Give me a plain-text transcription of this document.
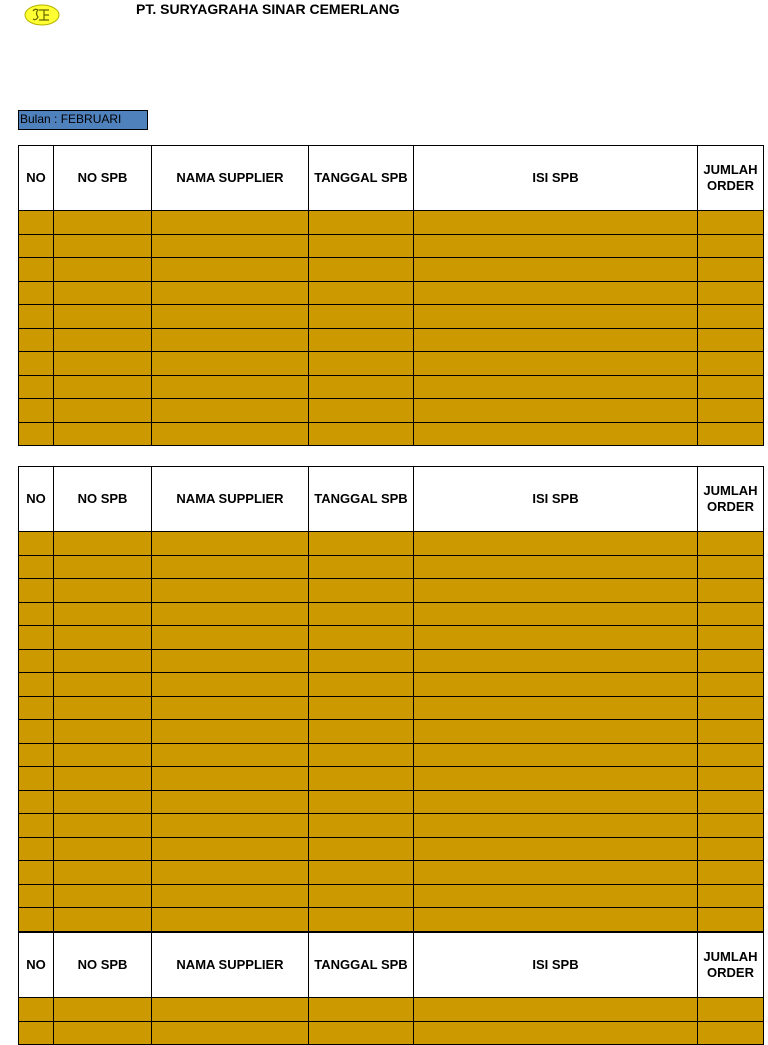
PT. SURYAGRAHA SINAR CEMERLANG
Bulan : FEBRUARI
NO	NO SPB	NAMA SUPPLIER	TANGGAL SPB	ISI SPB	JUMLAH ORDER

NO	NO SPB	NAMA SUPPLIER	TANGGAL SPB	ISI SPB	JUMLAH ORDER

NO	NO SPB	NAMA SUPPLIER	TANGGAL SPB	ISI SPB	JUMLAH ORDER
